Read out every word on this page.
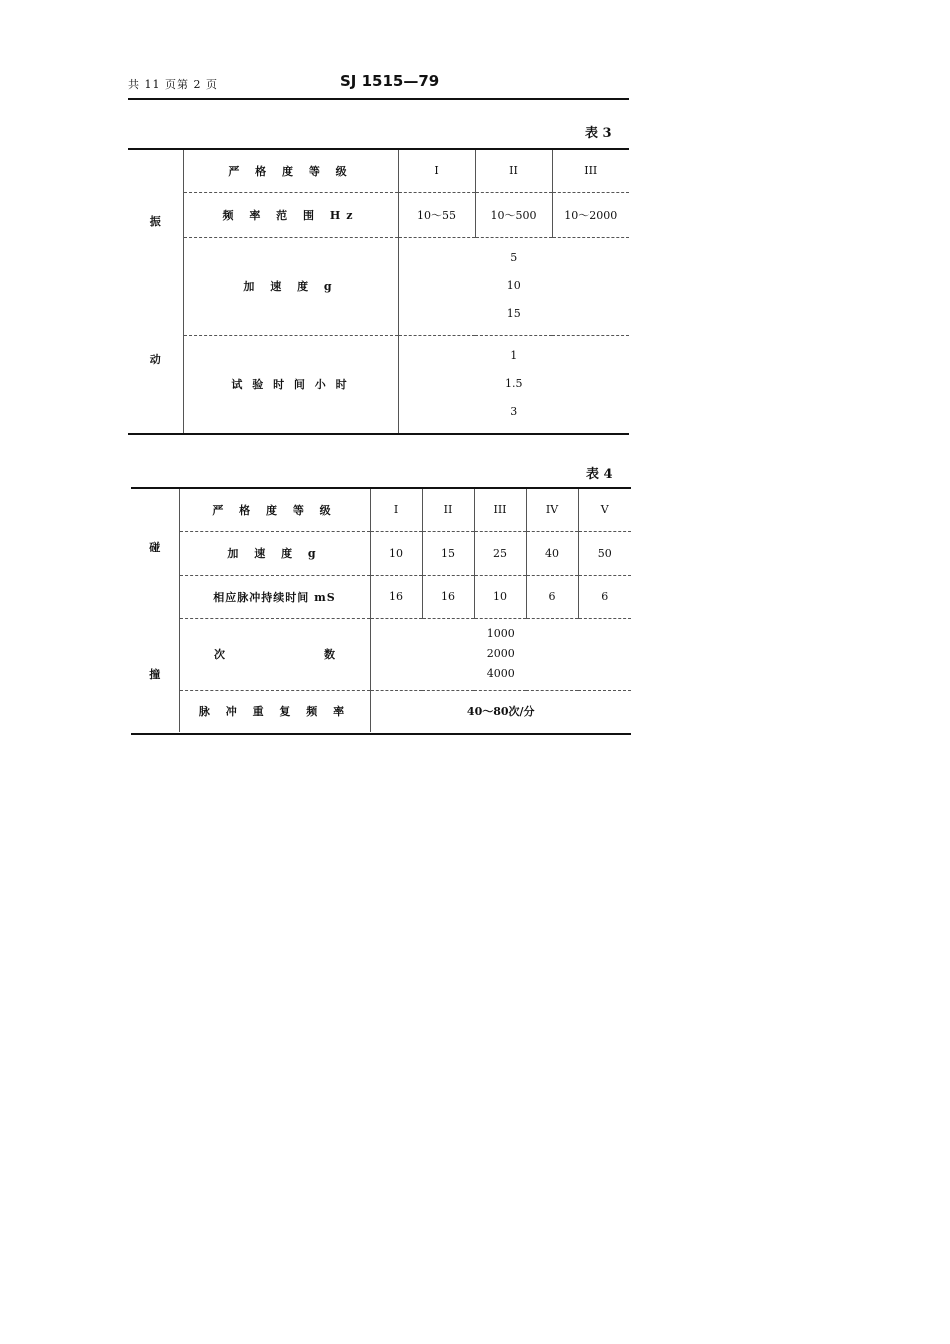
共 11 页第 2 页	SJ 1515—79
表 3
振	严 格 度 等 级	I	II	III
	频 率 范 围 Hz	10～55	10～500	10～2000
	加 速 度 g	5
10
15		

动	试 验 时 间 小 时	1
1.5
3		
表 4
碰	严 格 度 等 级	I	II	III	IV	V
	加 速 度 g	10	15	25	40	50
	相应脉冲持续时间 mS	16	16	10	6	6
撞	次 数	1000
2000
4000				

	脉 冲 重 复 频 率	40～80次/分				
